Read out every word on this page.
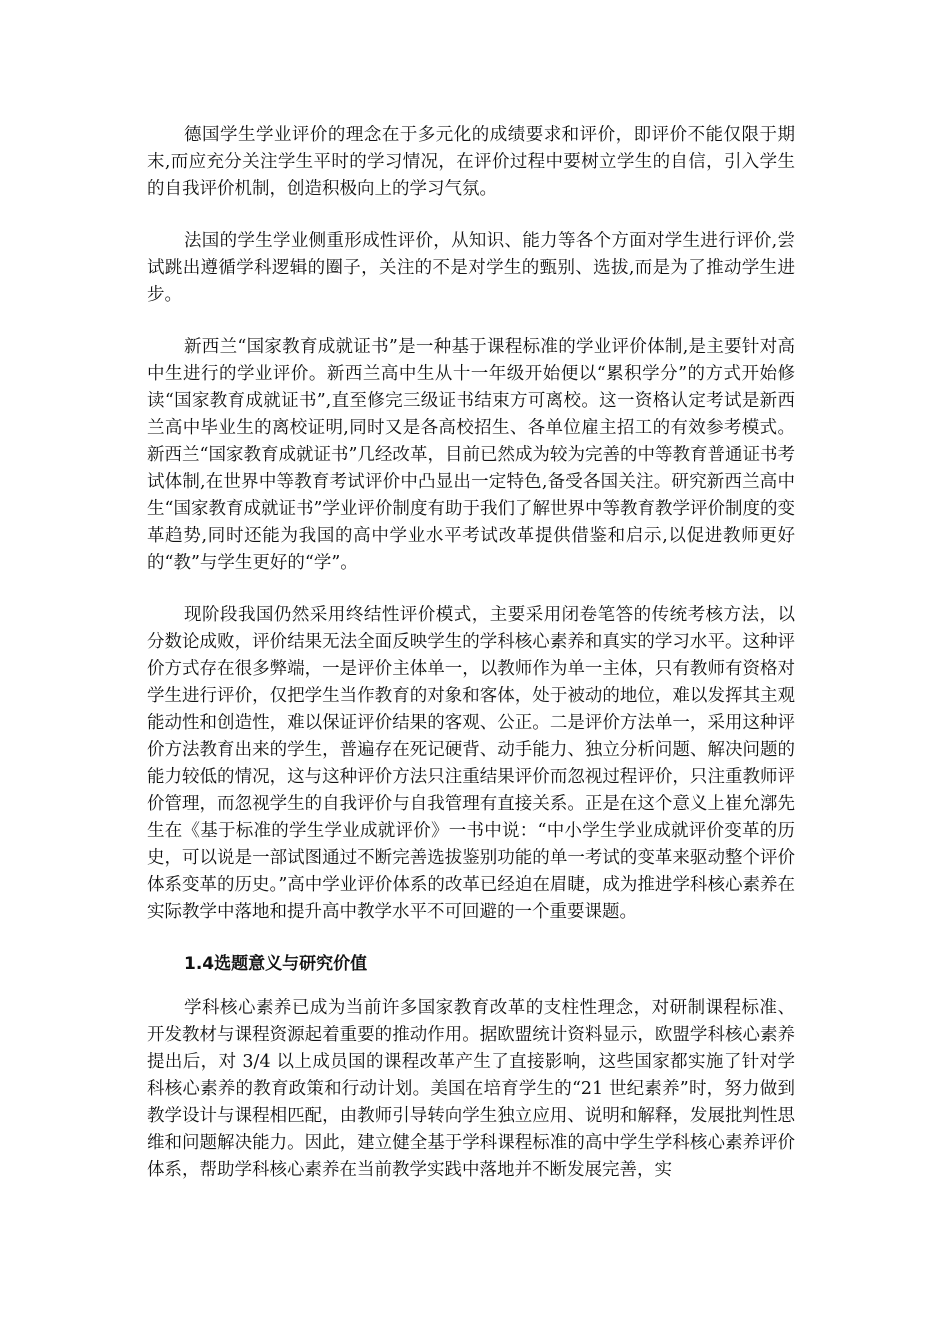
德国学生学业评价的理念在于多元化的成绩要求和评价，即评价不能仅限于期末,而应充分关注学生平时的学习情况，在评价过程中要树立学生的自信，引入学生的自我评价机制，创造积极向上的学习气氛。

法国的学生学业侧重形成性评价，从知识、能力等各个方面对学生进行评价,尝试跳出遵循学科逻辑的圈子，关注的不是对学生的甄别、选拔,而是为了推动学生进步。

新西兰“国家教育成就证书”是一种基于课程标准的学业评价体制,是主要针对高中生进行的学业评价。新西兰高中生从十一年级开始便以“累积学分”的方式开始修读“国家教育成就证书”,直至修完三级证书结束方可离校。这一资格认定考试是新西兰高中毕业生的离校证明,同时又是各高校招生、各单位雇主招工的有效参考模式。新西兰“国家教育成就证书”几经改革，目前已然成为较为完善的中等教育普通证书考试体制,在世界中等教育考试评价中凸显出一定特色,备受各国关注。研究新西兰高中生“国家教育成就证书”学业评价制度有助于我们了解世界中等教育教学评价制度的变革趋势,同时还能为我国的高中学业水平考试改革提供借鉴和启示,以促进教师更好的“教”与学生更好的“学”。

现阶段我国仍然采用终结性评价模式，主要采用闭卷笔答的传统考核方法，以分数论成败，评价结果无法全面反映学生的学科核心素养和真实的学习水平。这种评价方式存在很多弊端，一是评价主体单一，以教师作为单一主体，只有教师有资格对学生进行评价，仅把学生当作教育的对象和客体，处于被动的地位，难以发挥其主观能动性和创造性，难以保证评价结果的客观、公正。二是评价方法单一，采用这种评价方法教育出来的学生，普遍存在死记硬背、动手能力、独立分析问题、解决问题的能力较低的情况，这与这种评价方法只注重结果评价而忽视过程评价，只注重教师评价管理，而忽视学生的自我评价与自我管理有直接关系。正是在这个意义上崔允漷先生在《基于标准的学生学业成就评价》一书中说：“中小学生学业成就评价变革的历史，可以说是一部试图通过不断完善选拔鉴别功能的单一考试的变革来驱动整个评价体系变革的历史。”高中学业评价体系的改革已经迫在眉睫，成为推进学科核心素养在实际教学中落地和提升高中教学水平不可回避的一个重要课题。

1.4选题意义与研究价值

学科核心素养已成为当前许多国家教育改革的支柱性理念，对研制课程标准、开发教材与课程资源起着重要的推动作用。据欧盟统计资料显示，欧盟学科核心素养提出后，对 3/4 以上成员国的课程改革产生了直接影响，这些国家都实施了针对学科核心素养的教育政策和行动计划。美国在培育学生的“21 世纪素养”时，努力做到教学设计与课程相匹配，由教师引导转向学生独立应用、说明和解释，发展批判性思维和问题解决能力。因此，建立健全基于学科课程标准的高中学生学科核心素养评价体系，帮助学科核心素养在当前教学实践中落地并不断发展完善，实
